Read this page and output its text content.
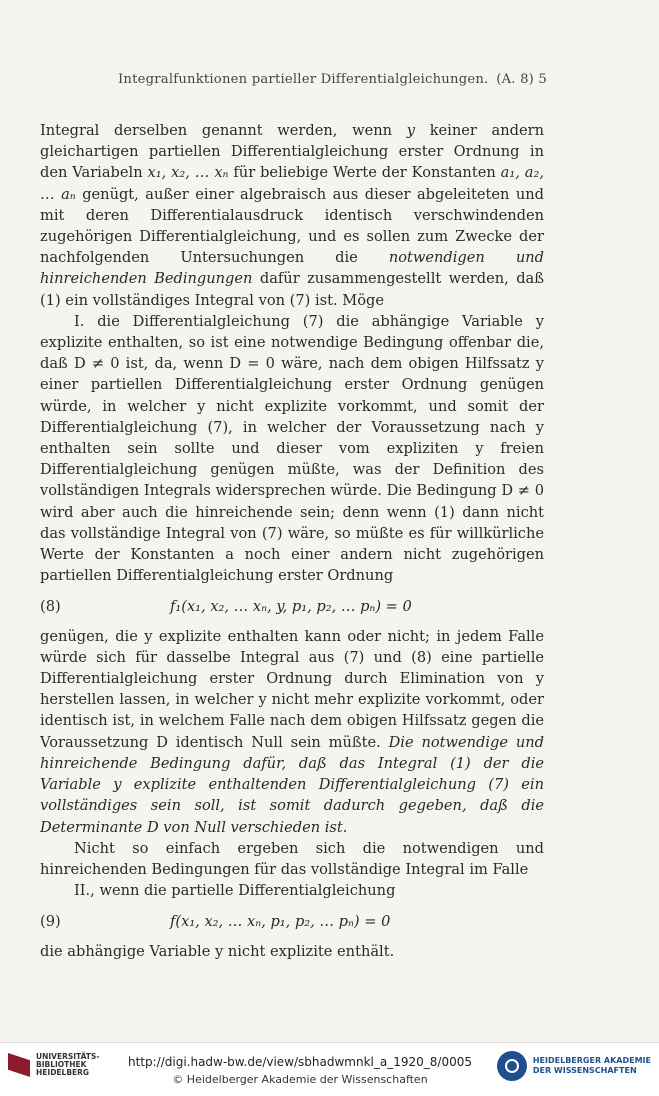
Integralfunktionen partieller Differentialgleichungen. (A. 8) 5

Integral derselben genannt werden, wenn y keiner andern gleichartigen partiellen Differentialgleichung erster Ordnung in den Variabeln x₁, x₂, … xₙ für beliebige Werte der Konstanten a₁, a₂, … aₙ genügt, außer einer algebraisch aus dieser abgeleiteten und mit deren Differentialausdruck identisch verschwindenden zugehörigen Differentialgleichung, und es sollen zum Zwecke der nachfolgenden Untersuchungen die notwendigen und hinreichenden Bedingungen dafür zusammengestellt werden, daß (1) ein vollständiges Integral von (7) ist. Möge

I. die Differentialgleichung (7) die abhängige Variable y explizite enthalten, so ist eine notwendige Bedingung offenbar die, daß D ≠ 0 ist, da, wenn D = 0 wäre, nach dem obigen Hilfssatz y einer partiellen Differentialgleichung erster Ordnung genügen würde, in welcher y nicht explizite vorkommt, und somit der Differentialgleichung (7), in welcher der Voraussetzung nach y enthalten sein sollte und dieser vom expliziten y freien Differentialgleichung genügen müßte, was der Definition des vollständigen Integrals widersprechen würde. Die Bedingung D ≠ 0 wird aber auch die hinreichende sein; denn wenn (1) dann nicht das vollständige Integral von (7) wäre, so müßte es für willkürliche Werte der Konstanten a noch einer andern nicht zugehörigen partiellen Differentialgleichung erster Ordnung

(8)	f₁(x₁, x₂, … xₙ, y, p₁, p₂, … pₙ) = 0

genügen, die y explizite enthalten kann oder nicht; in jedem Falle würde sich für dasselbe Integral aus (7) und (8) eine partielle Differentialgleichung erster Ordnung durch Elimination von y herstellen lassen, in welcher y nicht mehr explizite vorkommt, oder identisch ist, in welchem Falle nach dem obigen Hilfssatz gegen die Voraussetzung D identisch Null sein müßte. Die notwendige und hinreichende Bedingung dafür, daß das Integral (1) der die Variable y explizite enthaltenden Differentialgleichung (7) ein vollständiges sein soll, ist somit dadurch gegeben, daß die Determinante D von Null verschieden ist.

Nicht so einfach ergeben sich die notwendigen und hinreichenden Bedingungen für das vollständige Integral im Falle

II., wenn die partielle Differentialgleichung

(9)	f(x₁, x₂, … xₙ, p₁, p₂, … pₙ) = 0

die abhängige Variable y nicht explizite enthält.

UNIVERSITÄTS-
BIBLIOTHEK
HEIDELBERG
http://digi.hadw-bw.de/view/sbhadwmnkl_a_1920_8/0005
© Heidelberger Akademie der Wissenschaften
HEIDELBERGER AKADEMIE
DER WISSENSCHAFTEN
